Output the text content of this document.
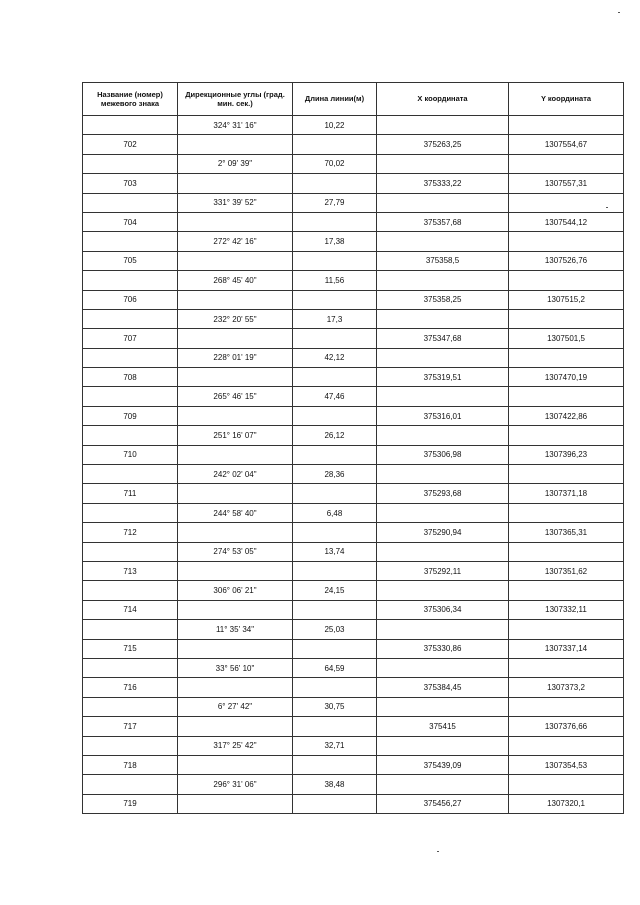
Название (номер) межевого знака	Дирекционные углы (град. мин. сек.)	Длина линии(м)	X координата	Y координата
	324° 31' 16"	10,22		
702			375263,25	1307554,67
	2° 09' 39"	70,02		
703			375333,22	1307557,31
	331° 39' 52"	27,79		
704			375357,68	1307544,12
	272° 42' 16"	17,38		
705			375358,5	1307526,76
	268° 45' 40"	11,56		
706			375358,25	1307515,2
	232° 20' 55"	17,3		
707			375347,68	1307501,5
	228° 01' 19"	42,12		
708			375319,51	1307470,19
	265° 46' 15"	47,46		
709			375316,01	1307422,86
	251° 16' 07"	26,12		
710			375306,98	1307396,23
	242° 02' 04"	28,36		
711			375293,68	1307371,18
	244° 58' 40"	6,48		
712			375290,94	1307365,31
	274° 53' 05"	13,74		
713			375292,11	1307351,62
	306° 06' 21"	24,15		
714			375306,34	1307332,11
	11° 35' 34"	25,03		
715			375330,86	1307337,14
	33° 56' 10"	64,59		
716			375384,45	1307373,2
	6° 27' 42"	30,75		
717			375415	1307376,66
	317° 25' 42"	32,71		
718			375439,09	1307354,53
	296° 31' 06"	38,48		
719			375456,27	1307320,1
